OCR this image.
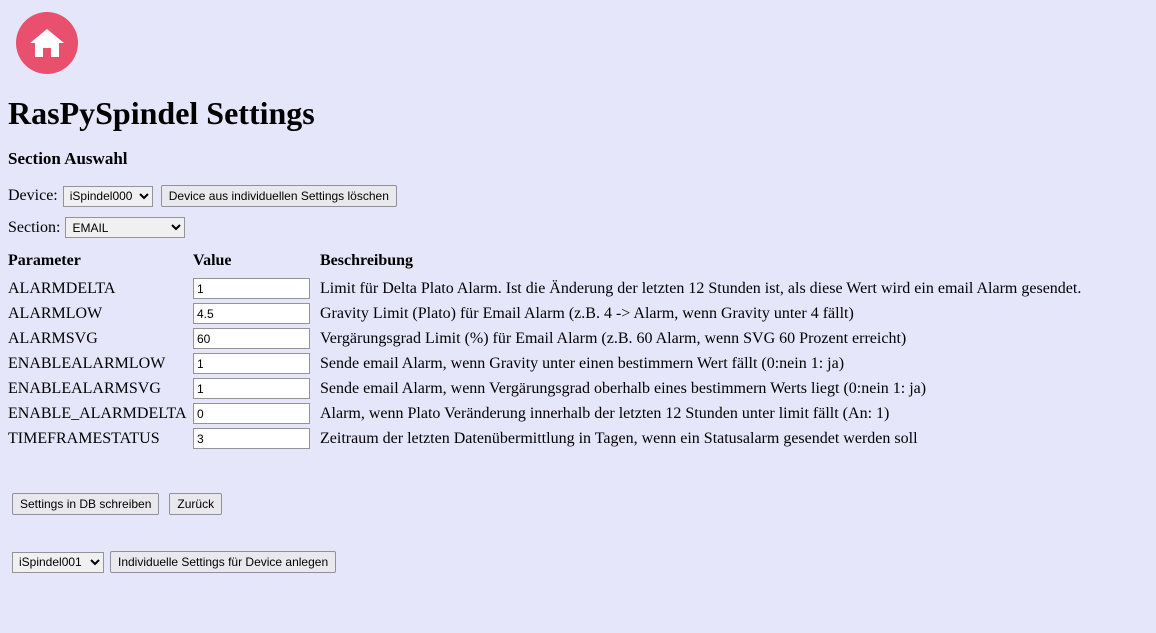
RasPySpindel Settings
Section Auswahl
Device:
iSpindel000	Device aus individuellen Settings löschen
Section:
EMAIL
Parameter	Value	Beschreibung
ALARMDELTA	1	Limit für Delta Plato Alarm. Ist die Änderung der letzten 12 Stunden ist, als diese Wert wird ein email Alarm gesendet.
ALARMLOW	4.5	Gravity Limit (Plato) für Email Alarm (z.B. 4 -> Alarm, wenn Gravity unter 4 fällt)
ALARMSVG	60	Vergärungsgrad Limit (%) für Email Alarm (z.B. 60 Alarm, wenn SVG 60 Prozent erreicht)
ENABLEALARMLOW	1	Sende email Alarm, wenn Gravity unter einen bestimmern Wert fällt (0:nein 1: ja)
ENABLEALARMSVG	1	Sende email Alarm, wenn Vergärungsgrad oberhalb eines bestimmern Werts liegt (0:nein 1: ja)
ENABLE_ALARMDELTA	0	Alarm, wenn Plato Veränderung innerhalb der letzten 12 Stunden unter limit fällt (An: 1)
TIMEFRAMESTATUS	3	Zeitraum der letzten Datenübermittlung in Tagen, wenn ein Statusalarm gesendet werden soll
Settings in DB schreiben	Zurück
iSpindel001
Individuelle Settings für Device anlegen
